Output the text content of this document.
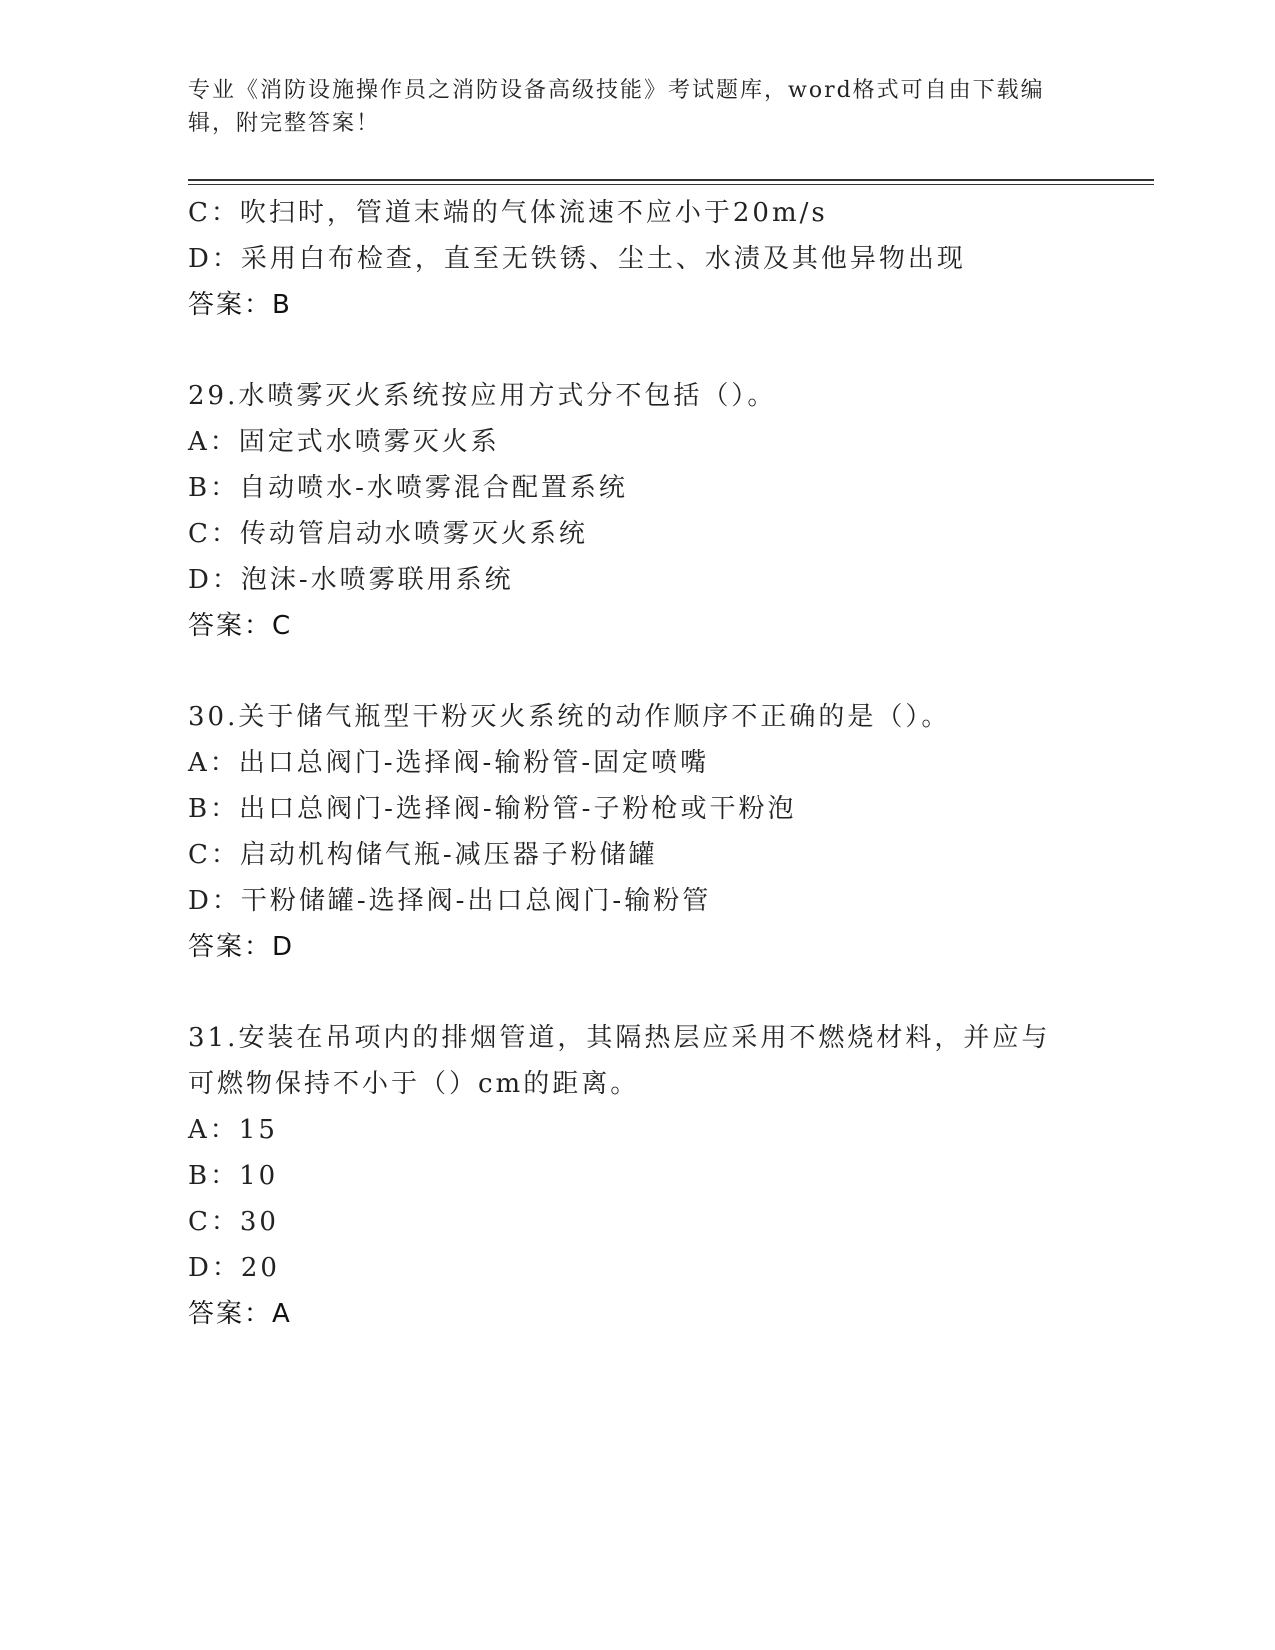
专业《消防设施操作员之消防设备高级技能》考试题库，word格式可自由下载编辑，附完整答案！
C：吹扫时，管道末端的气体流速不应小于20m/s
D：采用白布检查，直至无铁锈、尘土、水渍及其他异物出现
答案：B
29.水喷雾灭火系统按应用方式分不包括（）。
A：固定式水喷雾灭火系
B：自动喷水-水喷雾混合配置系统
C：传动管启动水喷雾灭火系统
D：泡沫-水喷雾联用系统
答案：C
30.关于储气瓶型干粉灭火系统的动作顺序不正确的是（）。
A：出口总阀门-选择阀-输粉管-固定喷嘴
B：出口总阀门-选择阀-输粉管-子粉枪或干粉泡
C：启动机构储气瓶-减压器子粉储罐
D：干粉储罐-选择阀-出口总阀门-输粉管
答案：D
31.安装在吊项内的排烟管道，其隔热层应采用不燃烧材料，并应与可燃物保持不小于（）cm的距离。
A：15
B：10
C：30
D：20
答案：A
